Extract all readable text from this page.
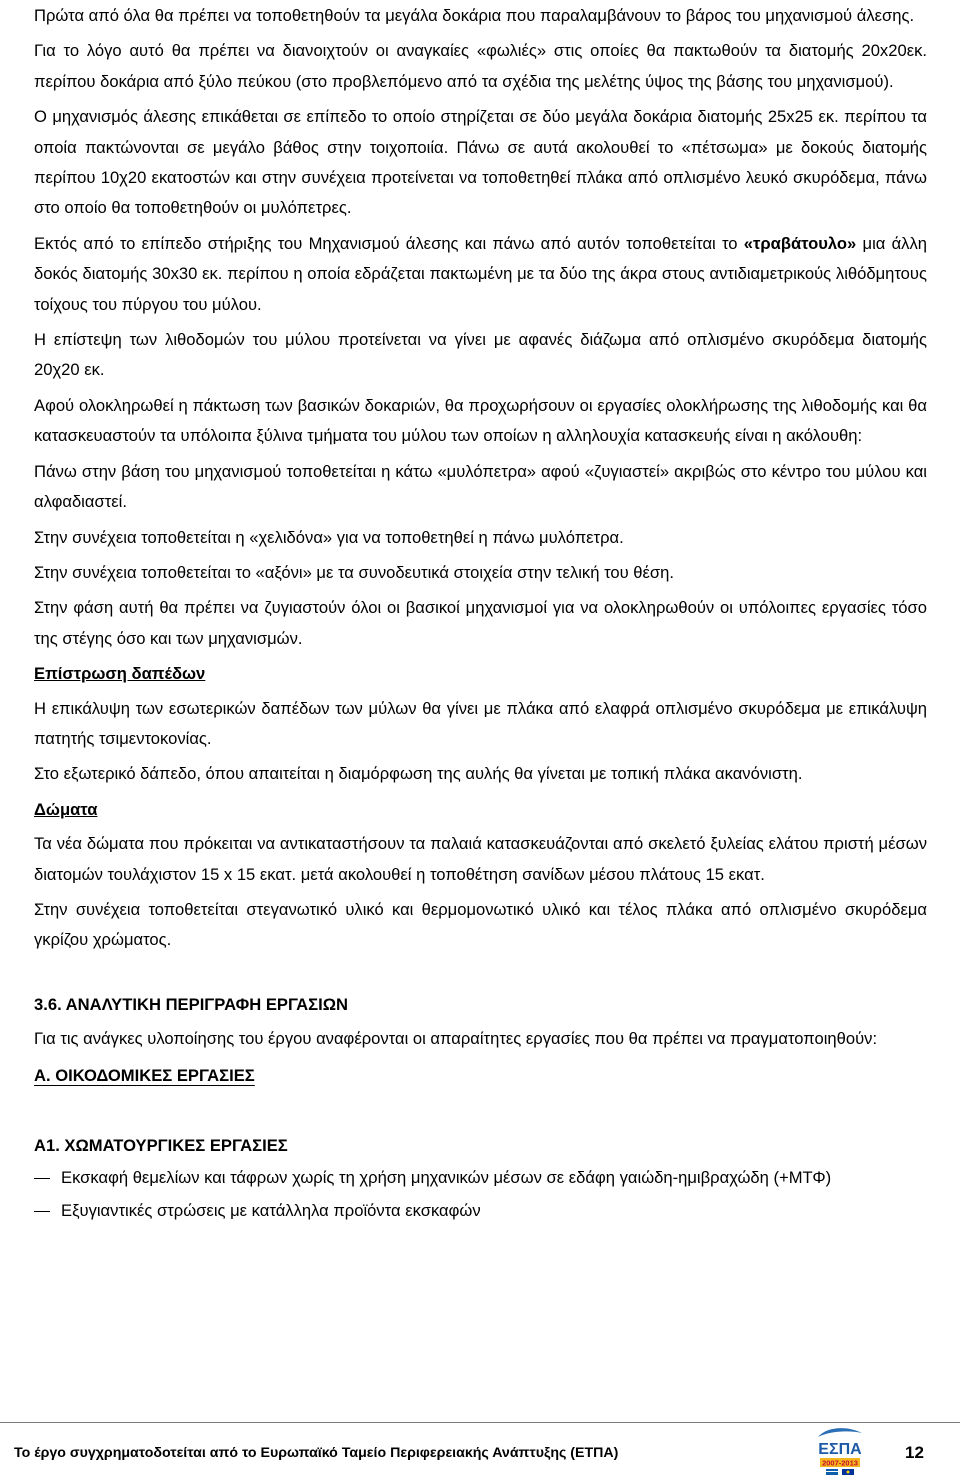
Πρώτα από όλα θα πρέπει να τοποθετηθούν τα μεγάλα δοκάρια που παραλαμβάνουν το βάρος του μηχανισμού άλεσης.

Για το λόγο αυτό θα πρέπει να διανοιχτούν οι αναγκαίες «φωλιές» στις οποίες θα πακτωθούν τα διατομής 20x20εκ. περίπου δοκάρια από ξύλο πεύκου (στο προβλεπόμενο από τα σχέδια της μελέτης ύψος της βάσης του μηχανισμού).

Ο μηχανισμός άλεσης επικάθεται σε επίπεδο το οποίο στηρίζεται σε δύο μεγάλα δοκάρια διατομής 25x25 εκ. περίπου τα οποία πακτώνονται σε μεγάλο βάθος στην τοιχοποιία. Πάνω σε αυτά ακολουθεί το «πέτσωμα» με δοκούς διατομής περίπου 10χ20 εκατοστών και στην συνέχεια προτείνεται να τοποθετηθεί πλάκα από οπλισμένο λευκό σκυρόδεμα, πάνω στο οποίο θα τοποθετηθούν οι μυλόπετρες.

Εκτός από το επίπεδο στήριξης του Μηχανισμού άλεσης και πάνω από αυτόν τοποθετείται το «τραβάτουλο» μια άλλη δοκός διατομής 30x30 εκ. περίπου η οποία εδράζεται πακτωμένη με τα δύο της άκρα στους αντιδιαμετρικούς λιθόδμητους τοίχους του πύργου του μύλου.

Η επίστεψη των λιθοδομών του μύλου προτείνεται να γίνει με αφανές διάζωμα από οπλισμένο σκυρόδεμα διατομής 20χ20 εκ.

Αφού ολοκληρωθεί η πάκτωση των βασικών δοκαριών, θα προχωρήσουν οι εργασίες ολοκλήρωσης της λιθοδομής και θα κατασκευαστούν τα υπόλοιπα ξύλινα τμήματα του μύλου των οποίων η αλληλουχία κατασκευής είναι η ακόλουθη:

Πάνω στην βάση του μηχανισμού τοποθετείται η κάτω «μυλόπετρα» αφού «ζυγιαστεί» ακριβώς στο κέντρο του μύλου και αλφαδιαστεί.

Στην συνέχεια τοποθετείται η «χελιδόνα» για να τοποθετηθεί η πάνω μυλόπετρα.

Στην συνέχεια τοποθετείται το «αξόνι» με τα συνοδευτικά στοιχεία στην τελική του θέση.

Στην φάση αυτή θα πρέπει να ζυγιαστούν όλοι οι βασικοί μηχανισμοί για να ολοκληρωθούν οι υπόλοιπες εργασίες τόσο της στέγης όσο και των μηχανισμών.

Επίστρωση δαπέδων

Η επικάλυψη των εσωτερικών δαπέδων των μύλων θα γίνει με πλάκα από ελαφρά οπλισμένο σκυρόδεμα με επικάλυψη πατητής τσιμεντοκονίας.

Στο εξωτερικό δάπεδο, όπου απαιτείται η διαμόρφωση της αυλής θα γίνεται με τοπική πλάκα ακανόνιστη.

Δώματα

Τα νέα δώματα που πρόκειται να αντικαταστήσουν τα παλαιά κατασκευάζονται από σκελετό ξυλείας ελάτου πριστή μέσων διατομών τουλάχιστον 15 x 15 εκατ. μετά ακολουθεί η τοποθέτηση σανίδων μέσου πλάτους 15 εκατ.

Στην συνέχεια τοποθετείται στεγανωτικό υλικό και θερμομονωτικό υλικό και τέλος πλάκα από οπλισμένο σκυρόδεμα γκρίζου χρώματος.

3.6. ΑΝΑΛΥΤΙΚΗ ΠΕΡΙΓΡΑΦΗ ΕΡΓΑΣΙΩΝ

Για τις ανάγκες υλοποίησης του έργου αναφέρονται οι απαραίτητες εργασίες που θα πρέπει να πραγματοποιηθούν:

Α. ΟΙΚΟΔΟΜΙΚΕΣ ΕΡΓΑΣΙΕΣ

Α1. ΧΩΜΑΤΟΥΡΓΙΚΕΣ ΕΡΓΑΣΙΕΣ

Εκσκαφή θεμελίων και τάφρων χωρίς τη χρήση μηχανικών μέσων σε εδάφη γαιώδη-ημιβραχώδη (+ΜΤΦ)
Εξυγιαντικές στρώσεις με κατάλληλα προϊόντα εκσκαφών
Το έργο συγχρηματοδοτείται από το Ευρωπαϊκό Ταμείο Περιφερειακής Ανάπτυξης (ΕΤΠΑ)	ΕΣΠΑ
2007-2013
12
